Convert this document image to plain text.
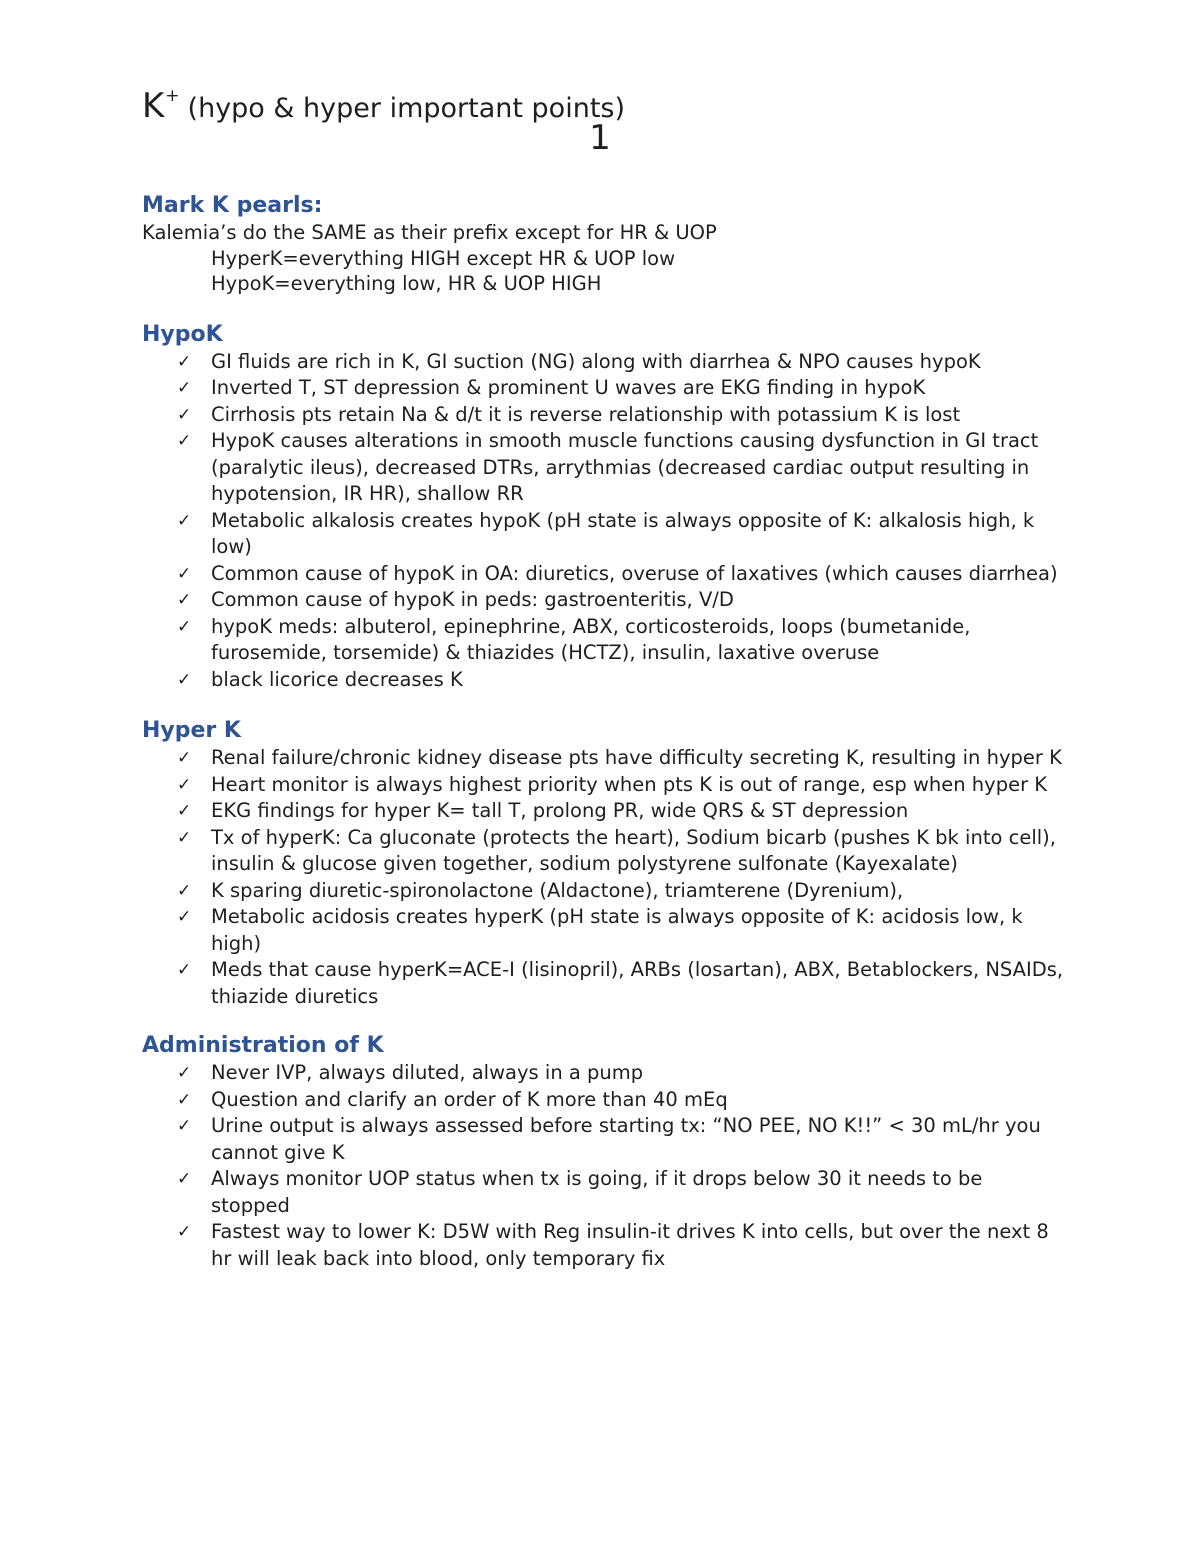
K+ (hypo & hyper important points)
1
Mark K pearls:
Kalemia’s do the SAME as their prefix except for HR & UOP
HyperK=everything HIGH except HR & UOP low
HypoK=everything low, HR & UOP HIGH
HypoK
✓ GI fluids are rich in K, GI suction (NG) along with diarrhea & NPO causes hypoK
✓ Inverted T, ST depression & prominent U waves are EKG finding in hypoK
✓ Cirrhosis pts retain Na & d/t it is reverse relationship with potassium K is lost
✓ HypoK causes alterations in smooth muscle functions causing dysfunction in GI tract (paralytic ileus), decreased DTRs, arrythmias (decreased cardiac output resulting in hypotension, IR HR), shallow RR
✓ Metabolic alkalosis creates hypoK (pH state is always opposite of K: alkalosis high, k low)
✓ Common cause of hypoK in OA: diuretics, overuse of laxatives (which causes diarrhea)
✓ Common cause of hypoK in peds: gastroenteritis, V/D
✓ hypoK meds: albuterol, epinephrine, ABX, corticosteroids, loops (bumetanide, furosemide, torsemide) & thiazides (HCTZ), insulin, laxative overuse
✓ black licorice decreases K
Hyper K
✓ Renal failure/chronic kidney disease pts have difficulty secreting K, resulting in hyper K
✓ Heart monitor is always highest priority when pts K is out of range, esp when hyper K
✓ EKG findings for hyper K= tall T, prolong PR, wide QRS & ST depression
✓ Tx of hyperK: Ca gluconate (protects the heart), Sodium bicarb (pushes K bk into cell), insulin & glucose given together, sodium polystyrene sulfonate (Kayexalate)
✓ K sparing diuretic-spironolactone (Aldactone), triamterene (Dyrenium),
✓ Metabolic acidosis creates hyperK (pH state is always opposite of K: acidosis low, k high)
✓ Meds that cause hyperK=ACE-I (lisinopril), ARBs (losartan), ABX, Betablockers, NSAIDs, thiazide diuretics
Administration of K
✓ Never IVP, always diluted, always in a pump
✓ Question and clarify an order of K more than 40 mEq
✓ Urine output is always assessed before starting tx: “NO PEE, NO K!!” < 30 mL/hr you cannot give K
✓ Always monitor UOP status when tx is going, if it drops below 30 it needs to be stopped
✓ Fastest way to lower K: D5W with Reg insulin-it drives K into cells, but over the next 8 hr will leak back into blood, only temporary fix
